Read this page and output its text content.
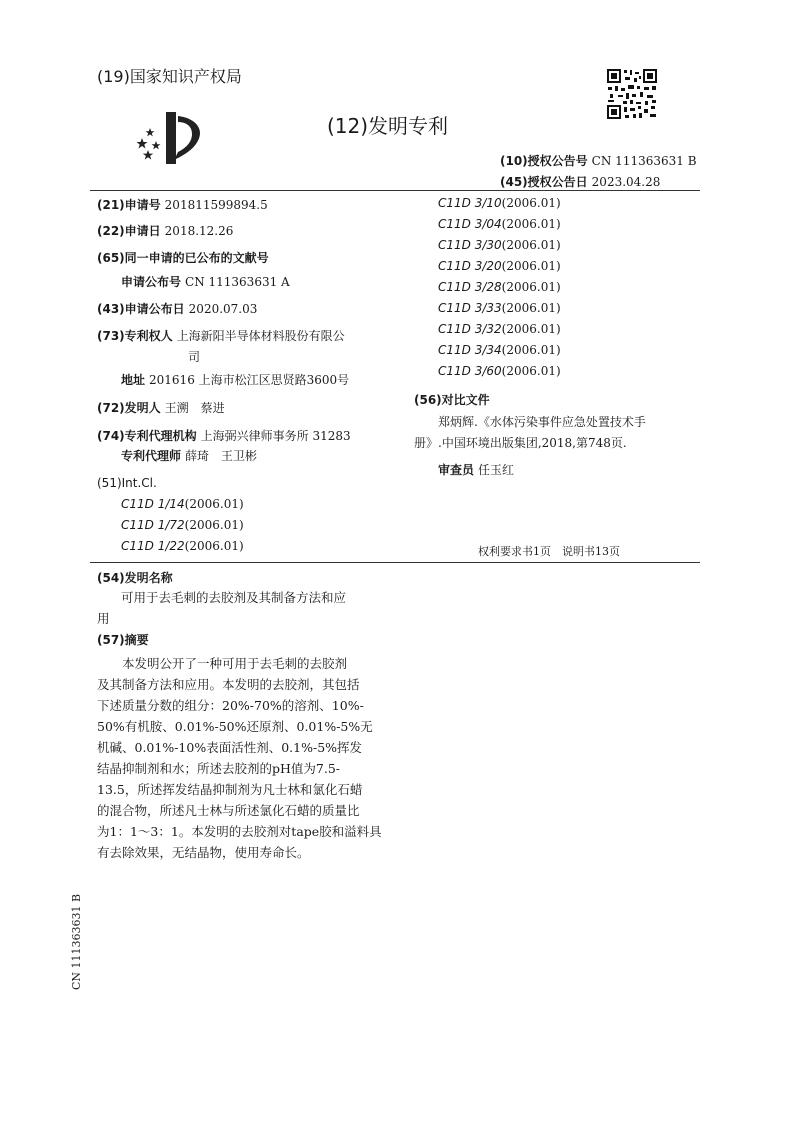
(19)国家知识产权局
(12)发明专利
(10)授权公告号 CN 111363631 B
(45)授权公告日 2023.04.28
(21)申请号 201811599894.5
(22)申请日 2018.12.26
(65)同一申请的已公布的文献号
申请公布号 CN 111363631 A
(43)申请公布日 2020.07.03
(73)专利权人 上海新阳半导体材料股份有限公
司
地址 201616 上海市松江区思贤路3600号
(72)发明人 王溯　蔡进
(74)专利代理机构 上海弼兴律师事务所 31283
专利代理师 薛琦　王卫彬
(51)Int.Cl.
C11D 1/14(2006.01)
C11D 1/72(2006.01)
C11D 1/22(2006.01)
C11D 3/10(2006.01)
C11D 3/04(2006.01)
C11D 3/30(2006.01)
C11D 3/20(2006.01)
C11D 3/28(2006.01)
C11D 3/33(2006.01)
C11D 3/32(2006.01)
C11D 3/34(2006.01)
C11D 3/60(2006.01)
(56)对比文件
郑炳辉.《水体污染事件应急处置技术手
册》.中国环境出版集团,2018,第748页.
审查员 任玉红
权利要求书1页　说明书13页
(54)发明名称
可用于去毛刺的去胶剂及其制备方法和应
用
(57)摘要
　　本发明公开了一种可用于去毛刺的去胶剂
及其制备方法和应用。本发明的去胶剂，其包括
下述质量分数的组分：20%-70%的溶剂、10%-
50%有机胺、0.01%-50%还原剂、0.01%-5%无
机碱、0.01%-10%表面活性剂、0.1%-5%挥发
结晶抑制剂和水；所述去胶剂的pH值为7.5-
13.5，所述挥发结晶抑制剂为凡士林和氯化石蜡
的混合物，所述凡士林与所述氯化石蜡的质量比
为1：1～3：1。本发明的去胶剂对tape胶和溢料具
有去除效果，无结晶物，使用寿命长。
CN 111363631 B
